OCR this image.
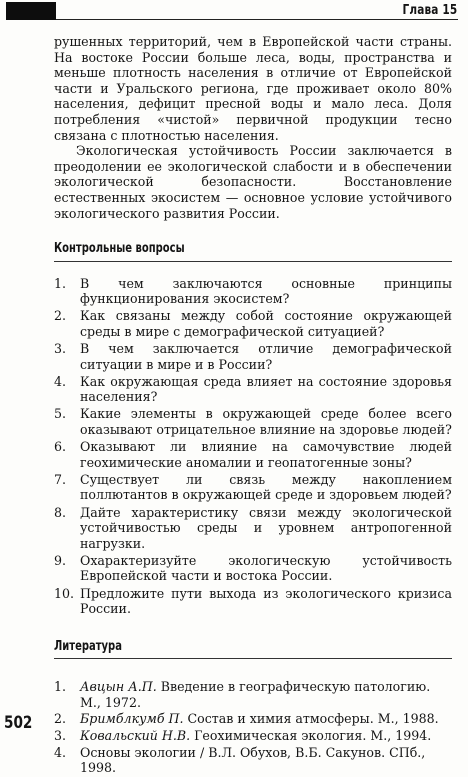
Глава 15

рушенных территорий, чем в Европейской части страны. На востоке России больше леса, воды, пространства и меньше плотность населения в отличие от Европейской части и Уральского региона, где проживает около 80% населения, дефицит пресной воды и мало леса. Доля потребления «чистой» первичной продукции тесно связана с плотностью населения.

Экологическая устойчивость России заключается в преодолении ее экологической слабости и в обеспечении экологической безопасности. Восстановление естественных экосистем — основное условие устойчивого экологического развития России.

Контрольные вопросы
1.	В чем заключаются основные принципы функционирования экосистем?
2.	Как связаны между собой состояние окружающей среды в мире с демографической ситуацией?
3.	В чем заключается отличие демографической ситуации в мире и в России?
4.	Как окружающая среда влияет на состояние здоровья населения?
5.	Какие элементы в окружающей среде более всего оказывают отрицательное влияние на здоровье людей?
6.	Оказывают ли влияние на самочувствие людей геохимические аномалии и геопатогенные зоны?
7.	Существует ли связь между накоплением поллютантов в окружающей среде и здоровьем людей?
8.	Дайте характеристику связи между экологической устойчивостью среды и уровнем антропогенной нагрузки.
9.	Охарактеризуйте экологическую устойчивость Европейской части и востока России.
10. Предложите пути выхода из экологического кризиса России.
Литература
1.	Авцын А.П. Введение в географическую патологию. М., 1972.
2.	Бримблкумб П. Состав и химия атмосферы. М., 1988.
3.	Ковальский Н.В. Геохимическая экология. М., 1994.
4.	Основы экологии / В.Л. Обухов, В.Б. Сакунов. СПб., 1998.
502
